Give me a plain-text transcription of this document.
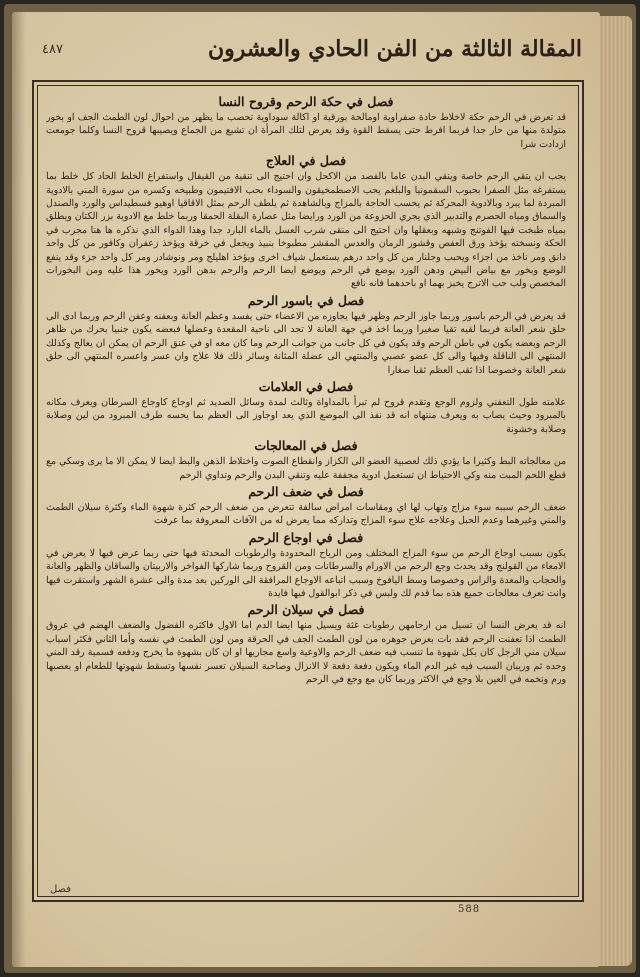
المقالة الثالثة من الفن الحادي والعشرون
٤٨٧
فصل في حكة الرحم وقروح النسا
قد تعرض في الرحم حكة لاخلاط حادة صفراوية اومالحة بورقية او اكالة سوداوية تحصب ما يظهر من احوال لون الطمث الجف او بخور متولدة منها من حار جدا فربما افرط حتى يسقط القوة وقد يعرض لتلك المرأة ان تشبع من الجماع ويصيبها قروح النسا وكلما جومعت ازدادت شرا
فصل في العلاج
يجب ان يتقي الرحم خاصة وينقي البدن عاما بالفصد من الاكحل وان احتيج الى تنقية من القيفال واستفراغ الخلط الحاد كل خلط بما يستفرغه مثل الصفرا بحبوب السقمونيا والبلغم يحب الاصطمخيقون والسوداء بحب الافتيمون وطبيخه وكسره من سورة المني بالادوية المبردة لما يبرد وبالادوية المحركة ثم يحسب الحاجة بالمزاج وبالشاهدة ثم يلطف الرحم بمثل الاقاقيا اوهيو فسطيداس والورد والصندل والسماق ومياه الحصرم والتدبير الذي يجري الحزوعة من الورد ورايضا مثل عصارة البقلة الحمقا وربما خلط مع الادوية بزر الكتان ويطلق بمياه طبخت فيها الفوتنج وشبهه وبعقلها وان احتيج الى منقى شرب العسل بالماء البارد جدا وهذا الدواء الذي نذكره ها هنا مجرب في الحكة ونسخته يؤخذ ورق العفص وقشور الرمان والعدس المقشر مطبوخا بنبيذ ويجعل في خرقة ويؤخذ زعفران وكافور من كل واحد دانق ومر ناخذ من اجزاء ويحبب وجلنار من كل واحد درهم يستعمل شياف اخرى ويؤخذ اهليلج ومر ونوشادر ومر كل واحد جزء وقد ينفع الوضع وبخور مع بياض البيض ودهن الورد يوضع في الرحم ويوضع ايضا الرحم والرحم بدهن الورد ويخور هذا عليه ومن البخورات المخصص ولب حب الاترج يخبز بهما او باحدهما فانه نافع
فصل في باسور الرحم
قد يعرض في الرحم باسور وربما جاوز الرحم وظهر فيها يجاوزه من الاعضاء حتى يفسد وعظم العانة وبعفنه وعفن الرحم وربما ادى الى حلق شعر العانة فربما لقيه تقيا صغيرا وربما اخذ في جهة العانة لا تجد الى ناحية المقعدة وعضلها فبعضه يكون جنبيا بحرك من ظاهر الرحم وبعضه يكون في باطن الرحم وقد يكون في كل جانب من جوانب الرحم وما كان معه او في عنق الرحم ان يمكن ان يعالج وكذلك المنتهي الى الناقلة وفيها والى كل عضو عصبي والمنتهي الى عضلة المثانة وسائر ذلك فلا علاج وان عسر واعسره المنتهي الى حلق شعر العانة وخصوصا اذا ثقب العظم ثقبا صغارا
فصل في العلامات
علامته طول التعفني ولزوم الوجع وتقدم قروح لم تبرأ بالمداواة وثالث لمدة وسائل الصديد ثم اوجاع كاوجاع السرطان ويعرف مكانه بالمبرود وحيث يصاب به ويعرف منتهاه انه قد نفذ الى الموضع الذي يعد اوجاوز الى العظم بما يحسه طرف المبرود من لين وصلابة وصلابة وخشونة
فصل في المعالجات
من معالجاته البط وكثيرا ما يؤدي ذلك لعصبية العضو الى الكزاز وانقطاع الصوت واختلاط الذهن والبط ايضا لا يمكن الا ما يرى وسكي مع قطع اللحم المبت منه وكي الاحتياط ان تستعمل ادوية مجففة عليه وتنقي البدن والرحم وتداوي الرحم
فصل في ضعف الرحم
ضعف الرحم سببه سوء مزاج وتهاب لها اي ومقاسات امراض سالفة تتعرض من ضعف الرحم كثرة شهوة الماء وكثرة سيلان الطمث والمني وغيرهما وعدم الحبل وعلاجه علاج سوء المزاج وتداركه مما يعرض له من الآفات المعروفة بما عرفت
فصل في اوجاع الرحم
يكون بسبب اوجاع الرحم من سوء المزاج المختلف ومن الرياح المحدودة والرطوبات المحدثة فيها حتى ربما عرض فيها لا يعرض في الامعاء من القولنج وقد يحدث وجع الرحم من الاورام والسرطانات ومن القروح وربما شاركها الفواخر والاربيتان والساقان والظهر والعانة والحجاب والمعدة والراس وخصوصا وسط اليافوخ وسبب اتباعه الاوجاع المرافقة الى الوركين بعد مدة والى عشرة الشهر واستقرت فيها وانت تعرف معالجات جميع هذه بما قدم لك ولبس في ذكر ابوالقول فيها فايدة
فصل في سيلان الرحم
انه قد يعرض النسا ان تسيل من ارحامهن رطوبات غثة ويسيل منها ايضا الدم اما الاول فاكثره الفضول والضعف الهضم في عروق الطمث اذا تعفنت الرحم فقد بات بعرض جوهره من لون الطمث الجف في الحرقة ومن لون الطمث في نفسه وأما الثاني فكثر اسباب سيلان مني الرجل كان بكل شهوة ما تنسب فيه ضعف الرحم والاوعية واسع مجاريها او ان كان بشهوة ما يخرج ودفعه فسمية رقد المني وحده ثم وريبان السبب فيه غير الدم الماء ويكون دفعة دفعة لا الانزال وصاحبة السيلان تعسر نفسها وتسقط شهوتها للطعام او بعصبها ورم وتخمه في العين بلا وجع في الاكثر وربما كان مع وجع في الرحم
فصل
588
